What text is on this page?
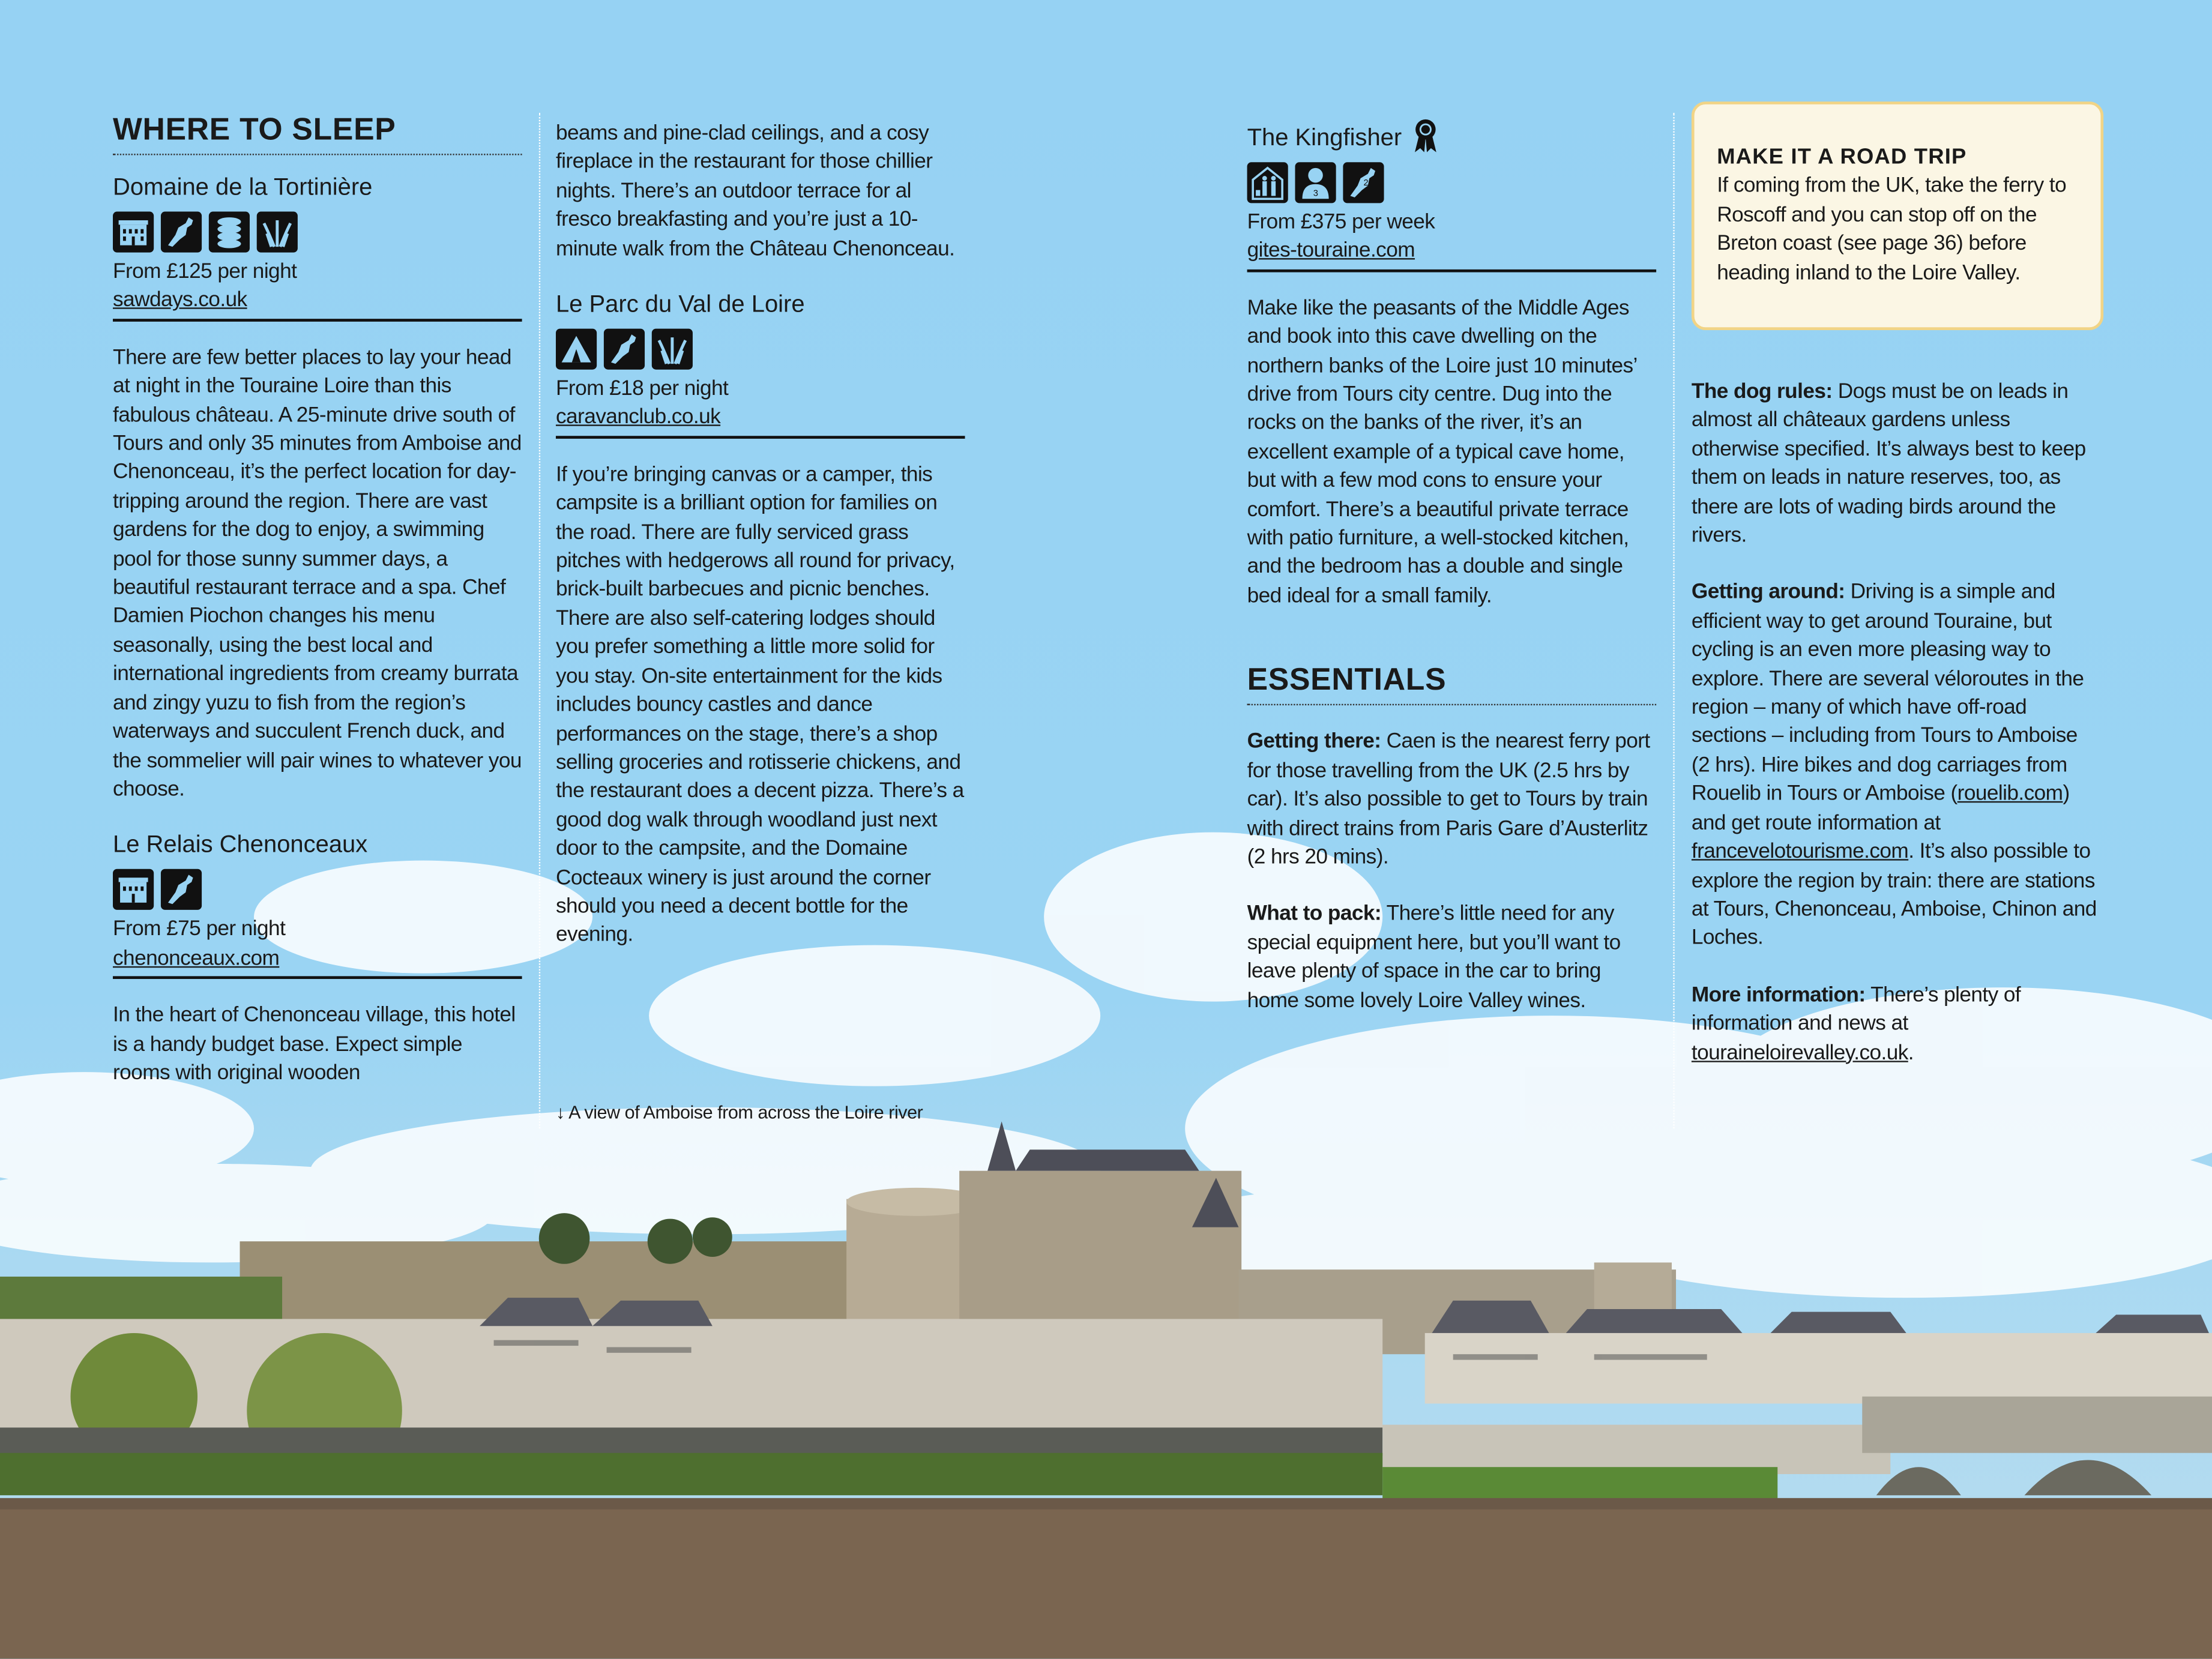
WHERE TO SLEEP
Domaine de la Tortinière
From £125 per night
sawdays.co.uk

There are few better places to lay your head at night in the Touraine Loire than this fabulous château. A 25-minute drive south of Tours and only 35 minutes from Amboise and Chenonceau, it’s the perfect location for day-tripping around the region. There are vast gardens for the dog to enjoy, a swimming pool for those sunny summer days, a beautiful restaurant terrace and a spa. Chef Damien Piochon changes his menu seasonally, using the best local and international ingredients from creamy burrata and zingy yuzu to fish from the region’s waterways and succulent French duck, and the sommelier will pair wines to whatever you choose.

Le Relais Chenonceaux
From £75 per night
chenonceaux.com

In the heart of Chenonceau village, this hotel is a handy budget base. Expect simple rooms with original wooden

beams and pine-clad ceilings, and a cosy fireplace in the restaurant for those chillier nights. There’s an outdoor terrace for al fresco breakfasting and you’re just a 10-minute walk from the Château Chenonceau.

Le Parc du Val de Loire
From £18 per night
caravanclub.co.uk

If you’re bringing canvas or a camper, this campsite is a brilliant option for families on the road. There are fully serviced grass pitches with hedgerows all round for privacy, brick-built barbecues and picnic benches. There are also self-catering lodges should you prefer something a little more solid for you stay. On-site entertainment for the kids includes bouncy castles and dance performances on the stage, there’s a shop selling groceries and rotisserie chickens, and the restaurant does a decent pizza. There’s a good dog walk through woodland just next door to the campsite, and the Domaine Cocteaux winery is just around the corner should you need a decent bottle for the evening.

↓ A view of Amboise from across the Loire river
The Kingfisher
3
2
From £375 per week
gites-touraine.com

Make like the peasants of the Middle Ages and book into this cave dwelling on the northern banks of the Loire just 10 minutes’ drive from Tours city centre. Dug into the rocks on the banks of the river, it’s an excellent example of a typical cave home, but with a few mod cons to ensure your comfort. There’s a beautiful private terrace with patio furniture, a well-stocked kitchen, and the bedroom has a double and single bed ideal for a small family.

ESSENTIALS

Getting there: Caen is the nearest ferry port for those travelling from the UK (2.5 hrs by car). It’s also possible to get to Tours by train with direct trains from Paris Gare d’Austerlitz (2 hrs 20 mins).

What to pack: There’s little need for any special equipment here, but you’ll want to leave plenty of space in the car to bring home some lovely Loire Valley wines.

MAKE IT A ROAD TRIP
If coming from the UK, take the ferry to Roscoff and you can stop off on the Breton coast (see page 36) before heading inland to the Loire Valley.

The dog rules: Dogs must be on leads in almost all châteaux gardens unless otherwise specified. It’s always best to keep them on leads in nature reserves, too, as there are lots of wading birds around the rivers.

Getting around: Driving is a simple and efficient way to get around Touraine, but cycling is an even more pleasing way to explore. There are several véloroutes in the region – many of which have off-road sections – including from Tours to Amboise (2 hrs). Hire bikes and dog carriages from Rouelib in Tours or Amboise (rouelib.com) and get route information at francevelotourisme.com. It’s also possible to explore the region by train: there are stations at Tours, Chenonceau, Amboise, Chinon and Loches.

More information: There’s plenty of information and news at touraineloirevalley.co.uk.
